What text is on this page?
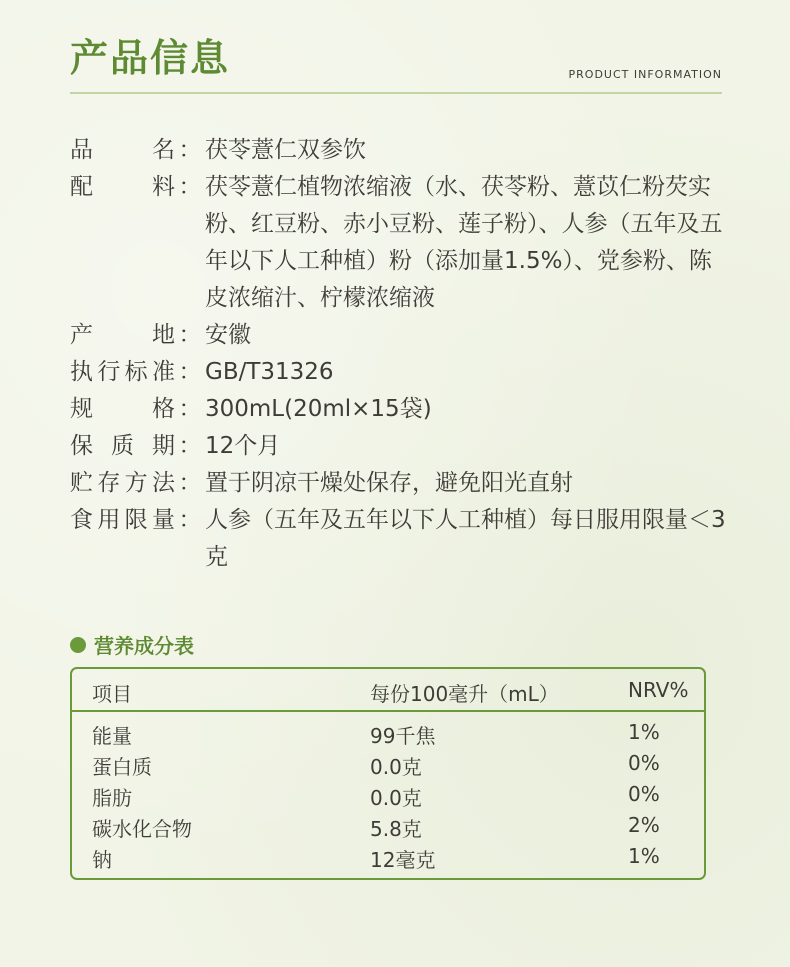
产品信息	PRODUCT INFORMATION
品	名 ： 茯苓薏仁双参饮
配	料 ： 茯苓薏仁植物浓缩液（水、茯苓粉、薏苡仁粉芡实粉、红豆粉、赤小豆粉、莲子粉）、人参（五年及五年以下人工种植）粉（添加量1.5%）、党参粉、陈皮浓缩汁、柠檬浓缩液
产	地 ： 安徽
执 行 标 准 ： GB/T31326
规	格 ： 300mL(20ml×15袋)
保 质 期 ： 12个月
贮 存 方 法 ： 置于阴凉干燥处保存，避免阳光直射
食 用 限 量 ： 人参（五年及五年以下人工种植）每日服用限量＜3克
营养成分表
项目	每份100毫升（mL）	NRV%
能量	99千焦	1%
蛋白质	0.0克	0%
脂肪	0.0克	0%
碳水化合物	5.8克	2%
钠	12毫克	1%
